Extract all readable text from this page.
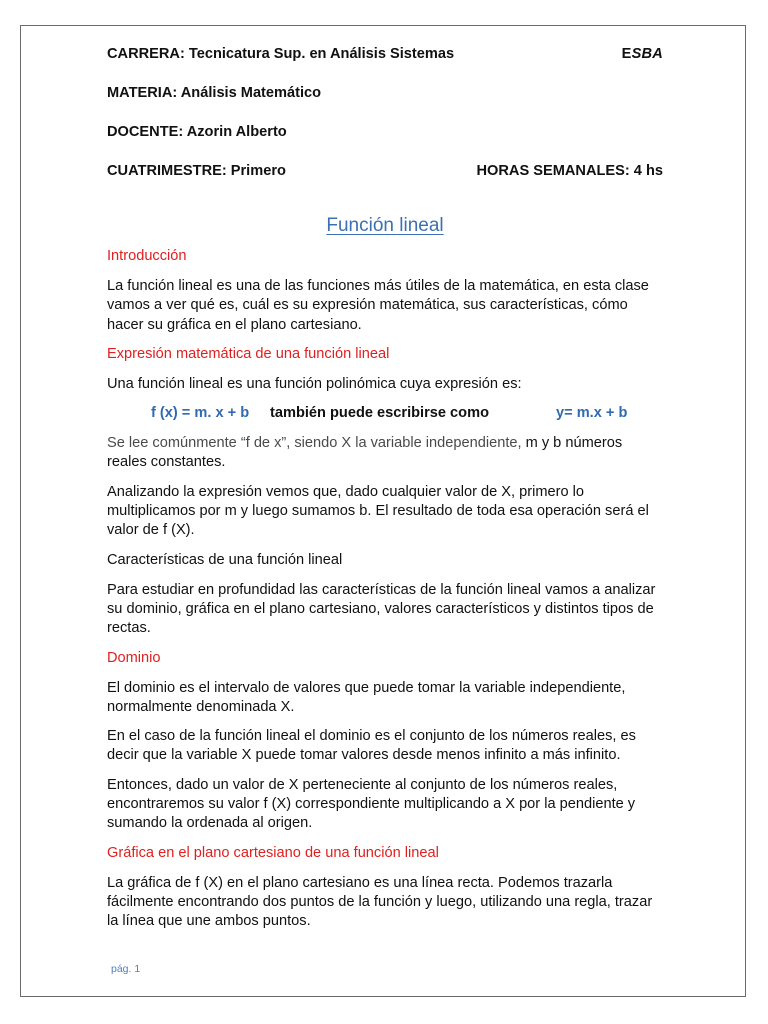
CARRERA: Tecnicatura Sup. en Análisis Sistemas	ESBA
MATERIA: Análisis Matemático
DOCENTE: Azorin Alberto
CUATRIMESTRE: Primero	HORAS SEMANALES: 4 hs
Función lineal
Introducción
La función lineal es una de las funciones más útiles de la matemática, en esta clase vamos a ver qué es, cuál es su expresión matemática, sus características, cómo hacer su gráfica en el plano cartesiano.
Expresión matemática de una función lineal
Una función lineal es una función polinómica cuya expresión es:
f (x) = m. x + b también puede escribirse como	y= m.x + b
Se lee comúnmente “f de x”, siendo X la variable independiente, m y b números reales constantes.
Analizando la expresión vemos que, dado cualquier valor de X, primero lo multiplicamos por m y luego sumamos b. El resultado de toda esa operación será el valor de f (X).
Características de una función lineal
Para estudiar en profundidad las características de la función lineal vamos a analizar su dominio, gráfica en el plano cartesiano, valores característicos y distintos tipos de rectas.
Dominio
El dominio es el intervalo de valores que puede tomar la variable independiente, normalmente denominada X.
En el caso de la función lineal el dominio es el conjunto de los números reales, es decir que la variable X puede tomar valores desde menos infinito a más infinito.
Entonces, dado un valor de X perteneciente al conjunto de los números reales, encontraremos su valor f (X) correspondiente multiplicando a X por la pendiente y sumando la ordenada al origen.
Gráfica en el plano cartesiano de una función lineal
La gráfica de f (X) en el plano cartesiano es una línea recta. Podemos trazarla fácilmente encontrando dos puntos de la función y luego, utilizando una regla, trazar la línea que une ambos puntos.
pág. 1
